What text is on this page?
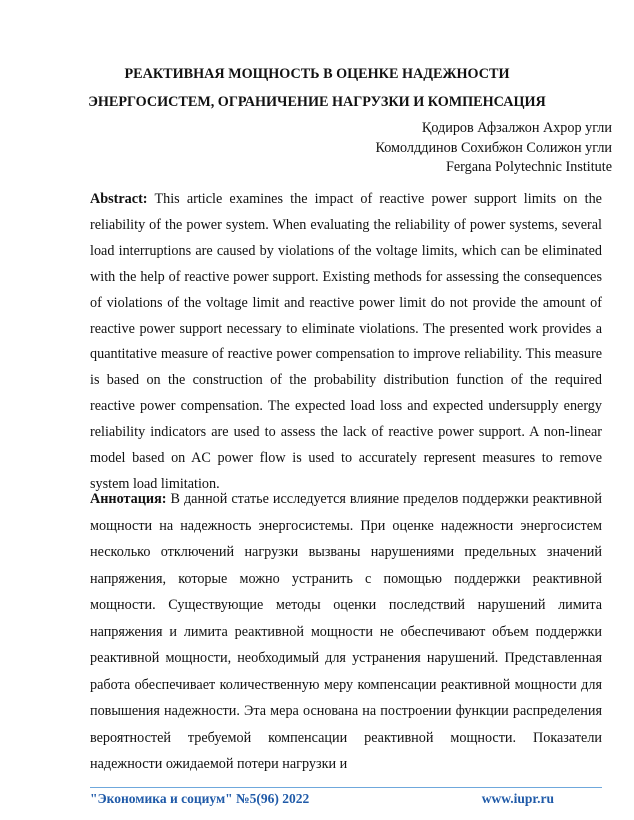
РЕАКТИВНАЯ МОЩНОСТЬ В ОЦЕНКЕ НАДЕЖНОСТИ
ЭНЕРГОСИСТЕМ, ОГРАНИЧЕНИЕ НАГРУЗКИ И КОМПЕНСАЦИЯ
Қодиров Афзалжон Ахрор угли
Комолддинов Сохибжон Солижон угли
Fergana Polytechnic Institute

Abstract: This article examines the impact of reactive power support limits on the reliability of the power system. When evaluating the reliability of power systems, several load interruptions are caused by violations of the voltage limits, which can be eliminated with the help of reactive power support. Existing methods for assessing the consequences of violations of the voltage limit and reactive power limit do not provide the amount of reactive power support necessary to eliminate violations. The presented work provides a quantitative measure of reactive power compensation to improve reliability. This measure is based on the construction of the probability distribution function of the required reactive power compensation. The expected load loss and expected undersupply energy reliability indicators are used to assess the lack of reactive power support. A non-linear model based on AC power flow is used to accurately represent measures to remove system load limitation.

Аннотация: В данной статье исследуется влияние пределов поддержки реактивной мощности на надежность энергосистемы. При оценке надежности энергосистем несколько отключений нагрузки вызваны нарушениями предельных значений напряжения, которые можно устранить с помощью поддержки реактивной мощности. Существующие методы оценки последствий нарушений лимита напряжения и лимита реактивной мощности не обеспечивают объем поддержки реактивной мощности, необходимый для устранения нарушений. Представленная работа обеспечивает количественную меру компенсации реактивной мощности для повышения надежности. Эта мера основана на построении функции распределения вероятностей требуемой компенсации реактивной мощности. Показатели надежности ожидаемой потери нагрузки и

"Экономика и социум" №5(96) 2022	www.iupr.ru
